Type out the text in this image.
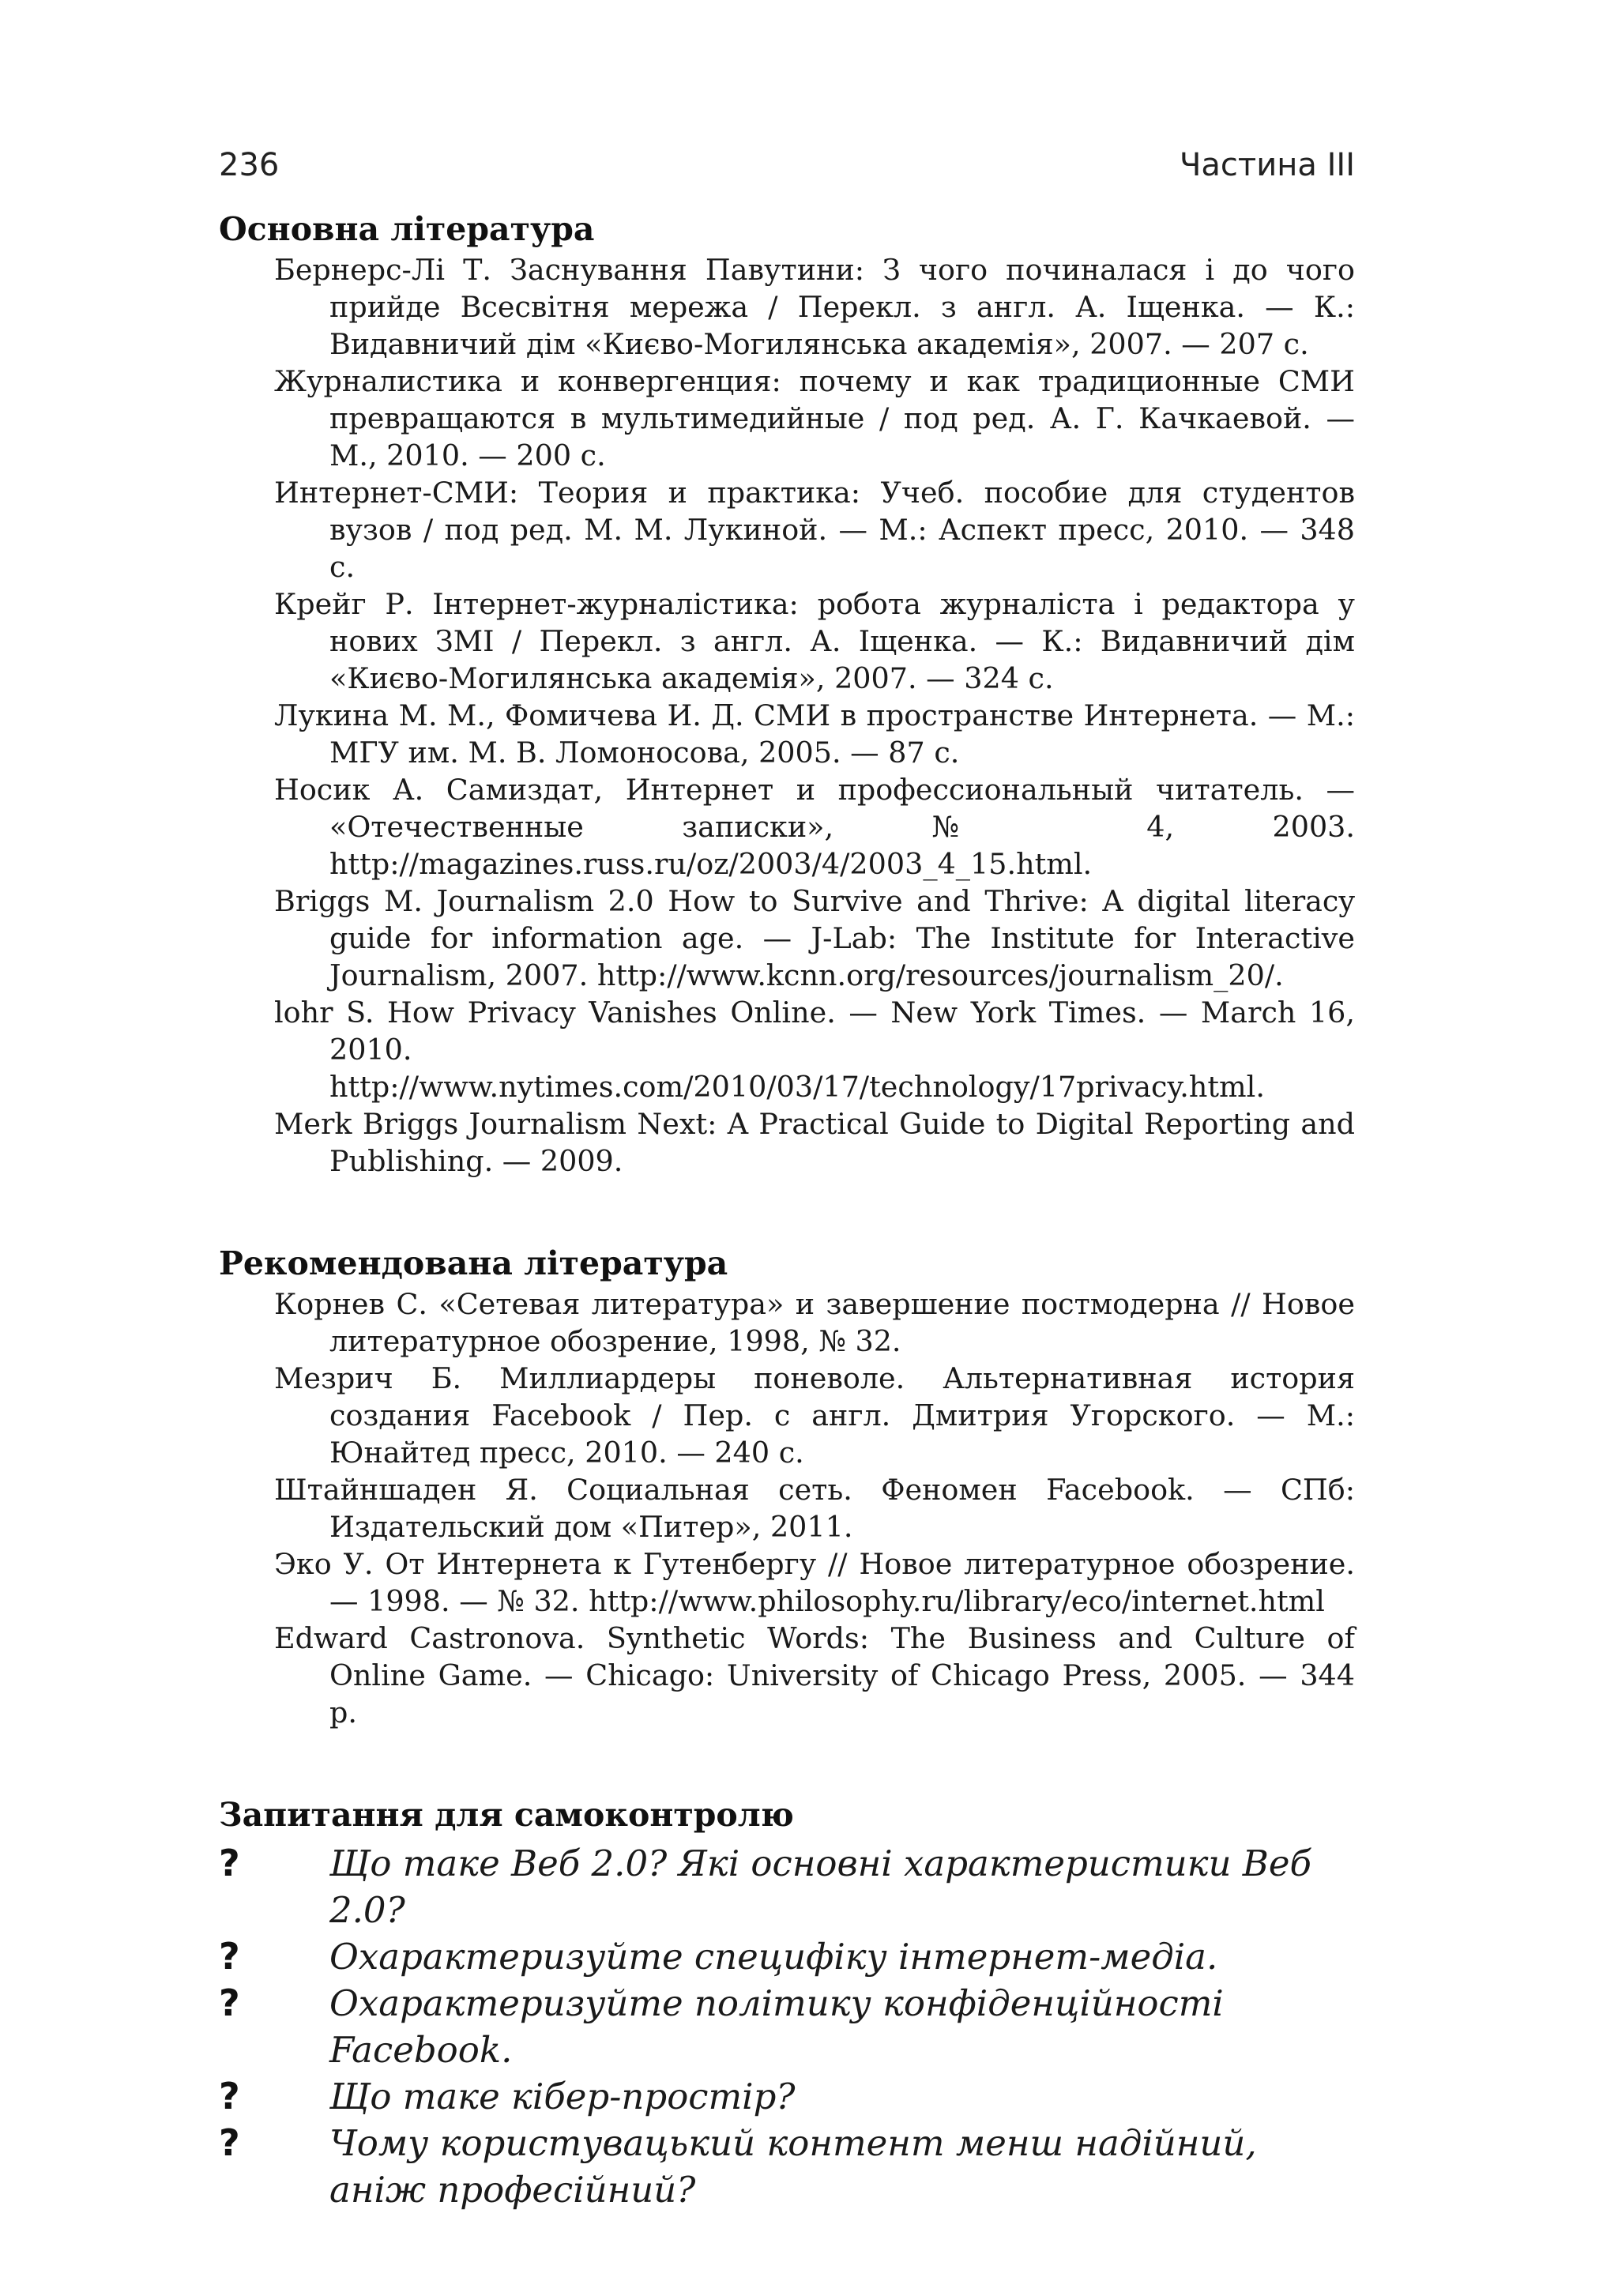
236	Частина III
Основна література
Бернерс-Лі Т. Заснування Павутини: З чого починалася і до чого прийде Всесвітня мережа / Перекл. з англ. А. Іщенка. — К.: Видавничий дім «Києво-Могилянська академія», 2007. — 207 с.
Журналистика и конвергенция: почему и как традиционные СМИ превращаются в мультимедийные / под ред. А. Г. Качкаевой. — М., 2010. — 200 с.
Интернет-СМИ: Теория и практика: Учеб. пособие для студентов вузов / под ред. М. М. Лукиной. — М.: Аспект пресс, 2010. — 348 с.
Крейг Р. Інтернет-журналістика: робота журналіста і редактора у нових ЗМІ / Перекл. з англ. А. Іщенка. — К.: Видавничий дім «Києво-Могилянська академія», 2007. — 324 с.
Лукина М. М., Фомичева И. Д. СМИ в пространстве Интернета. — М.: МГУ им. М. В. Ломоносова, 2005. — 87 с.
Носик А. Самиздат, Интернет и профессиональный читатель. — «Отечественные записки», № 4, 2003. http://magazines.russ.ru/oz/2003/4/2003_4_15.html.
Briggs M. Journalism 2.0 How to Survive and Thrive: A digital literacy guide for information age. — J-Lab: The Institute for Interactive Journalism, 2007. http://www.kcnn.org/resources/journalism_20/.
lohr S. How Privacy Vanishes Online. — New York Times. — March 16, 2010. http://www.nytimes.com/2010/03/17/technology/17privacy.html.
Merk Briggs Journalism Next: A Practical Guide to Digital Reporting and Publishing. — 2009.
Рекомендована література
Корнев С. «Сетевая литература» и завершение постмодерна // Новое литературное обозрение, 1998, № 32.
Мезрич Б. Миллиардеры поневоле. Альтернативная история создания Facebook / Пер. с англ. Дмитрия Угорского. — М.: Юнайтед пресс, 2010. — 240 с.
Штайншаден Я. Социальная сеть. Феномен Facebook. — СПб: Издательский дом «Питер», 2011.
Эко У. От Интернета к Гутенбергу // Новое литературное обозрение. — 1998. — № 32. http://www.philosophy.ru/library/eco/internet.html
Edward Castronova. Synthetic Words: The Business and Culture of Online Game. — Chicago: University of Chicago Press, 2005. — 344 p.
Запитання для самоконтролю
?	Що таке Веб 2.0? Які основні характеристики Веб 2.0?
?	Охарактеризуйте специфіку інтернет-медіа.
?	Охарактеризуйте політику конфіденційності Facebook.
?	Що таке кібер-простір?
?	Чому користувацький контент менш надійний, аніж професійний?
